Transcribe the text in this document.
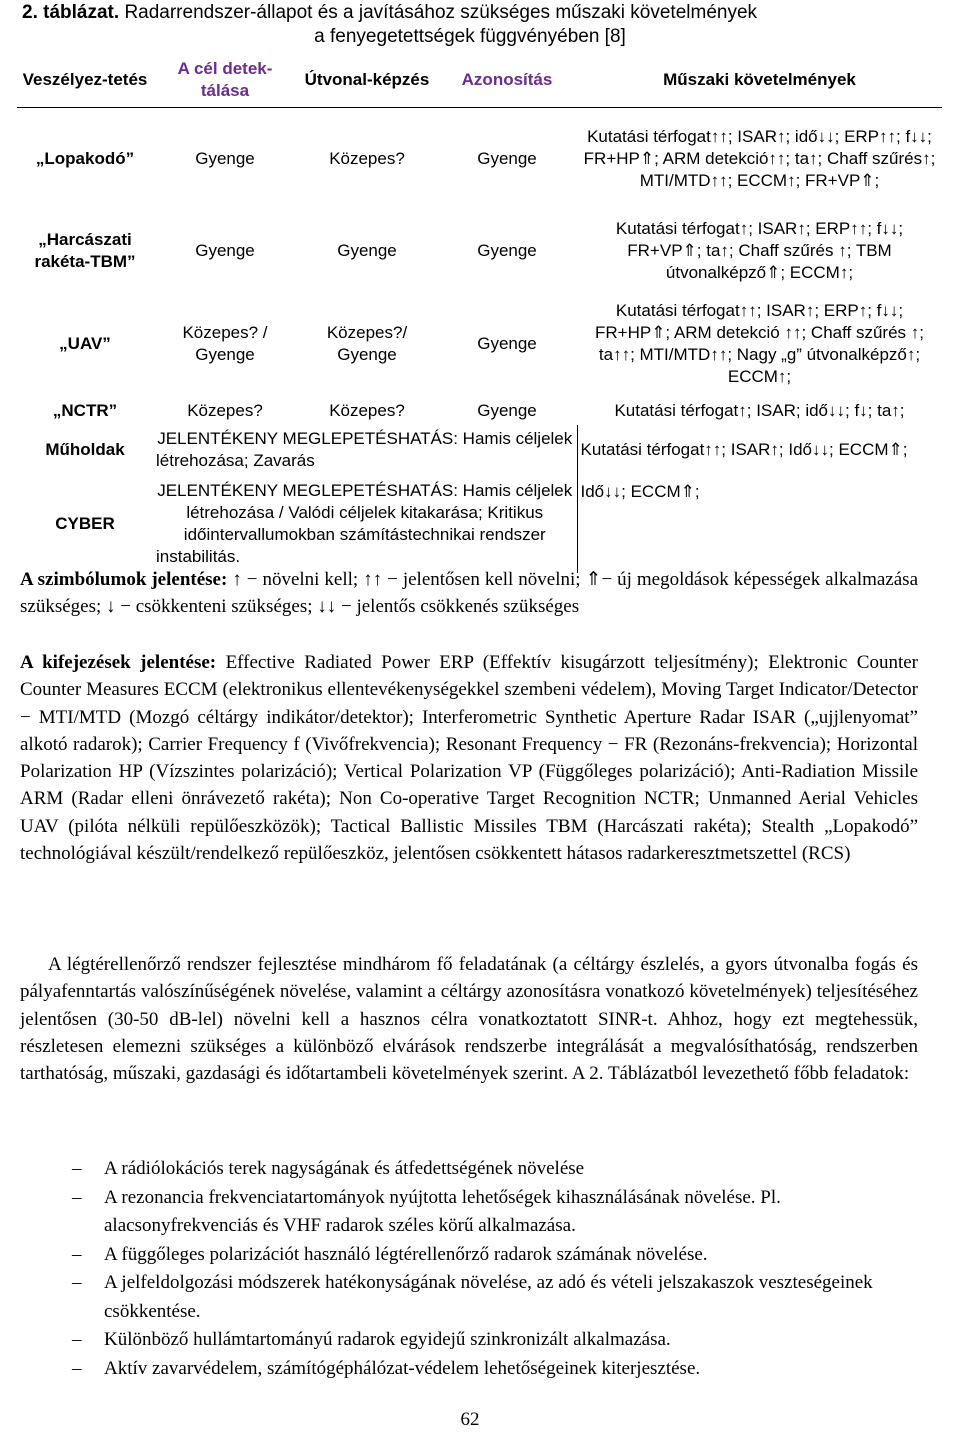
2. táblázat. Radarrendszer-állapot és a javításához szükséges műszaki követelmények
a fenyegetettségek függvényében [8]
Veszélyez-tetés	A cél detek-tálása	Útvonal-képzés	Azonosítás	Műszaki követelmények
„Lopakodó”	Gyenge	Közepes?	Gyenge	Kutatási térfogat↑↑; ISAR↑; idő↓↓; ERP↑↑; f↓↓; FR+HP⇑; ARM detekció↑↑; ta↑; Chaff szűrés↑; MTI/MTD↑↑; ECCM↑; FR+VP⇑;
„Harcászati rakéta-TBM”	Gyenge	Gyenge	Gyenge	Kutatási térfogat↑; ISAR↑; ERP↑↑; f↓↓; FR+VP⇑; ta↑; Chaff szűrés ↑; TBM útvonalképző⇑; ECCM↑;
„UAV”	Közepes? / Gyenge	Közepes?/ Gyenge	Gyenge	Kutatási térfogat↑↑; ISAR↑; ERP↑; f↓↓; FR+HP⇑; ARM detekció ↑↑; Chaff szűrés ↑; ta↑↑; MTI/MTD↑↑; Nagy „g” útvonalképző↑; ECCM↑;
„NCTR”	Közepes?	Közepes?	Gyenge	Kutatási térfogat↑; ISAR; idő↓↓; f↓; ta↑;
Műholdak	JELENTÉKENY MEGLEPETÉSHATÁS: Hamis céljelek létrehozása; Zavarás			Kutatási térfogat↑↑; ISAR↑; Idő↓↓; ECCM⇑;
CYBER	JELENTÉKENY MEGLEPETÉSHATÁS: Hamis céljelek létrehozása / Valódi céljelek kitakarása; Kritikus időintervallumokban számítástechnikai rendszer instabilitás.			Idő↓↓; ECCM⇑;
A szimbólumok jelentése: ↑ − növelni kell; ↑↑ − jelentősen kell növelni; ⇑− új megoldások képességek alkalmazása szükséges; ↓ − csökkenteni szükséges; ↓↓ − jelentős csökkenés szükséges
A kifejezések jelentése: Effective Radiated Power ERP (Effektív kisugárzott teljesítmény); Elektronic Counter Counter Measures ECCM (elektronikus ellentevékenységekkel szembeni védelem), Moving Target Indicator/Detector − MTI/MTD (Mozgó céltárgy indikátor/detektor); Interferometric Synthetic Aperture Radar ISAR („ujjlenyomat” alkotó radarok); Carrier Frequency f (Vivőfrekvencia); Resonant Frequency − FR (Rezonáns-frekvencia); Horizontal Polarization HP (Vízszintes polarizáció); Vertical Polarization VP (Függőleges polarizáció); Anti-Radiation Missile ARM (Radar elleni önrávezető rakéta); Non Co-operative Target Recognition NCTR; Unmanned Aerial Vehicles UAV (pilóta nélküli repülőeszközök); Tactical Ballistic Missiles TBM (Harcászati rakéta); Stealth „Lopakodó” technológiával készült/rendelkező repülőeszköz, jelentősen csökkentett hátasos radarkeresztmetszettel (RCS)
A légtérellenőrző rendszer fejlesztése mindhárom fő feladatának (a céltárgy észlelés, a gyors útvonalba fogás és pályafenntartás valószínűségének növelése, valamint a céltárgy azonosításra vonatkozó követelmények) teljesítéséhez jelentősen (30-50 dB-lel) növelni kell a hasznos célra vonatkoztatott SINR-t. Ahhoz, hogy ezt megtehessük, részletesen elemezni szükséges a különböző elvárások rendszerbe integrálását a megvalósíthatóság, rendszerben tarthatóság, műszaki, gazdasági és időtartambeli követelmények szerint. A 2. Táblázatból levezethető főbb feladatok:
– A rádiólokációs terek nagyságának és átfedettségének növelése
– A rezonancia frekvenciatartományok nyújtotta lehetőségek kihasználásának növelése. Pl. alacsonyfrekvenciás és VHF radarok széles körű alkalmazása.
– A függőleges polarizációt használó légtérellenőrző radarok számának növelése.
– A jelfeldolgozási módszerek hatékonyságának növelése, az adó és vételi jelszakaszok veszteségeinek csökkentése.
– Különböző hullámtartományú radarok egyidejű szinkronizált alkalmazása.
– Aktív zavarvédelem, számítógéphálózat-védelem lehetőségeinek kiterjesztése.
62
